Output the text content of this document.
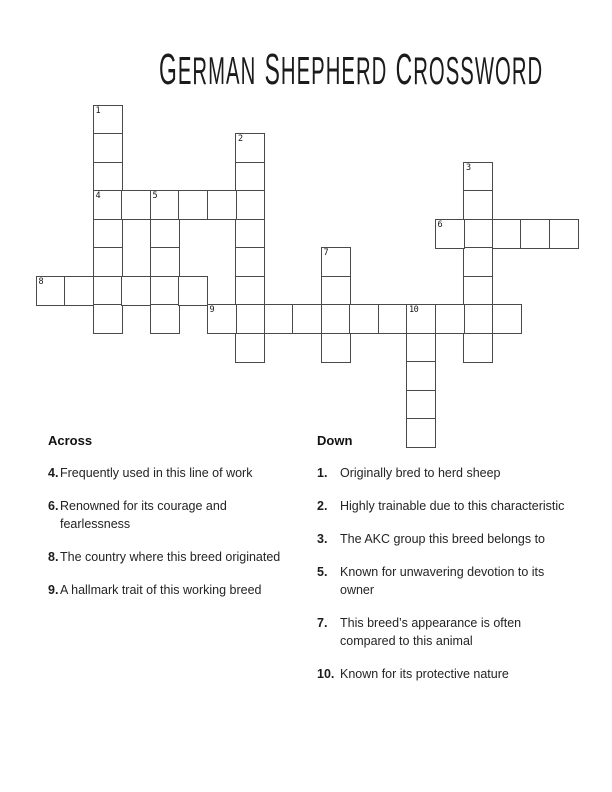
GERMAN SHEPHERD CROSSWORD
1
4
2
3
5
6
7
8
9	10
Across
4. Frequently used in this line of work
6. Renowned for its courage and fearlessness
8. The country where this breed originated
9. A hallmark trait of this working breed
Down
1.	Originally bred to herd sheep
2.	Highly trainable due to this characteristic
3.	The AKC group this breed belongs to
5.	Known for unwavering devotion to its owner
7.	This breed’s appearance is often compared to this animal
10. Known for its protective nature
